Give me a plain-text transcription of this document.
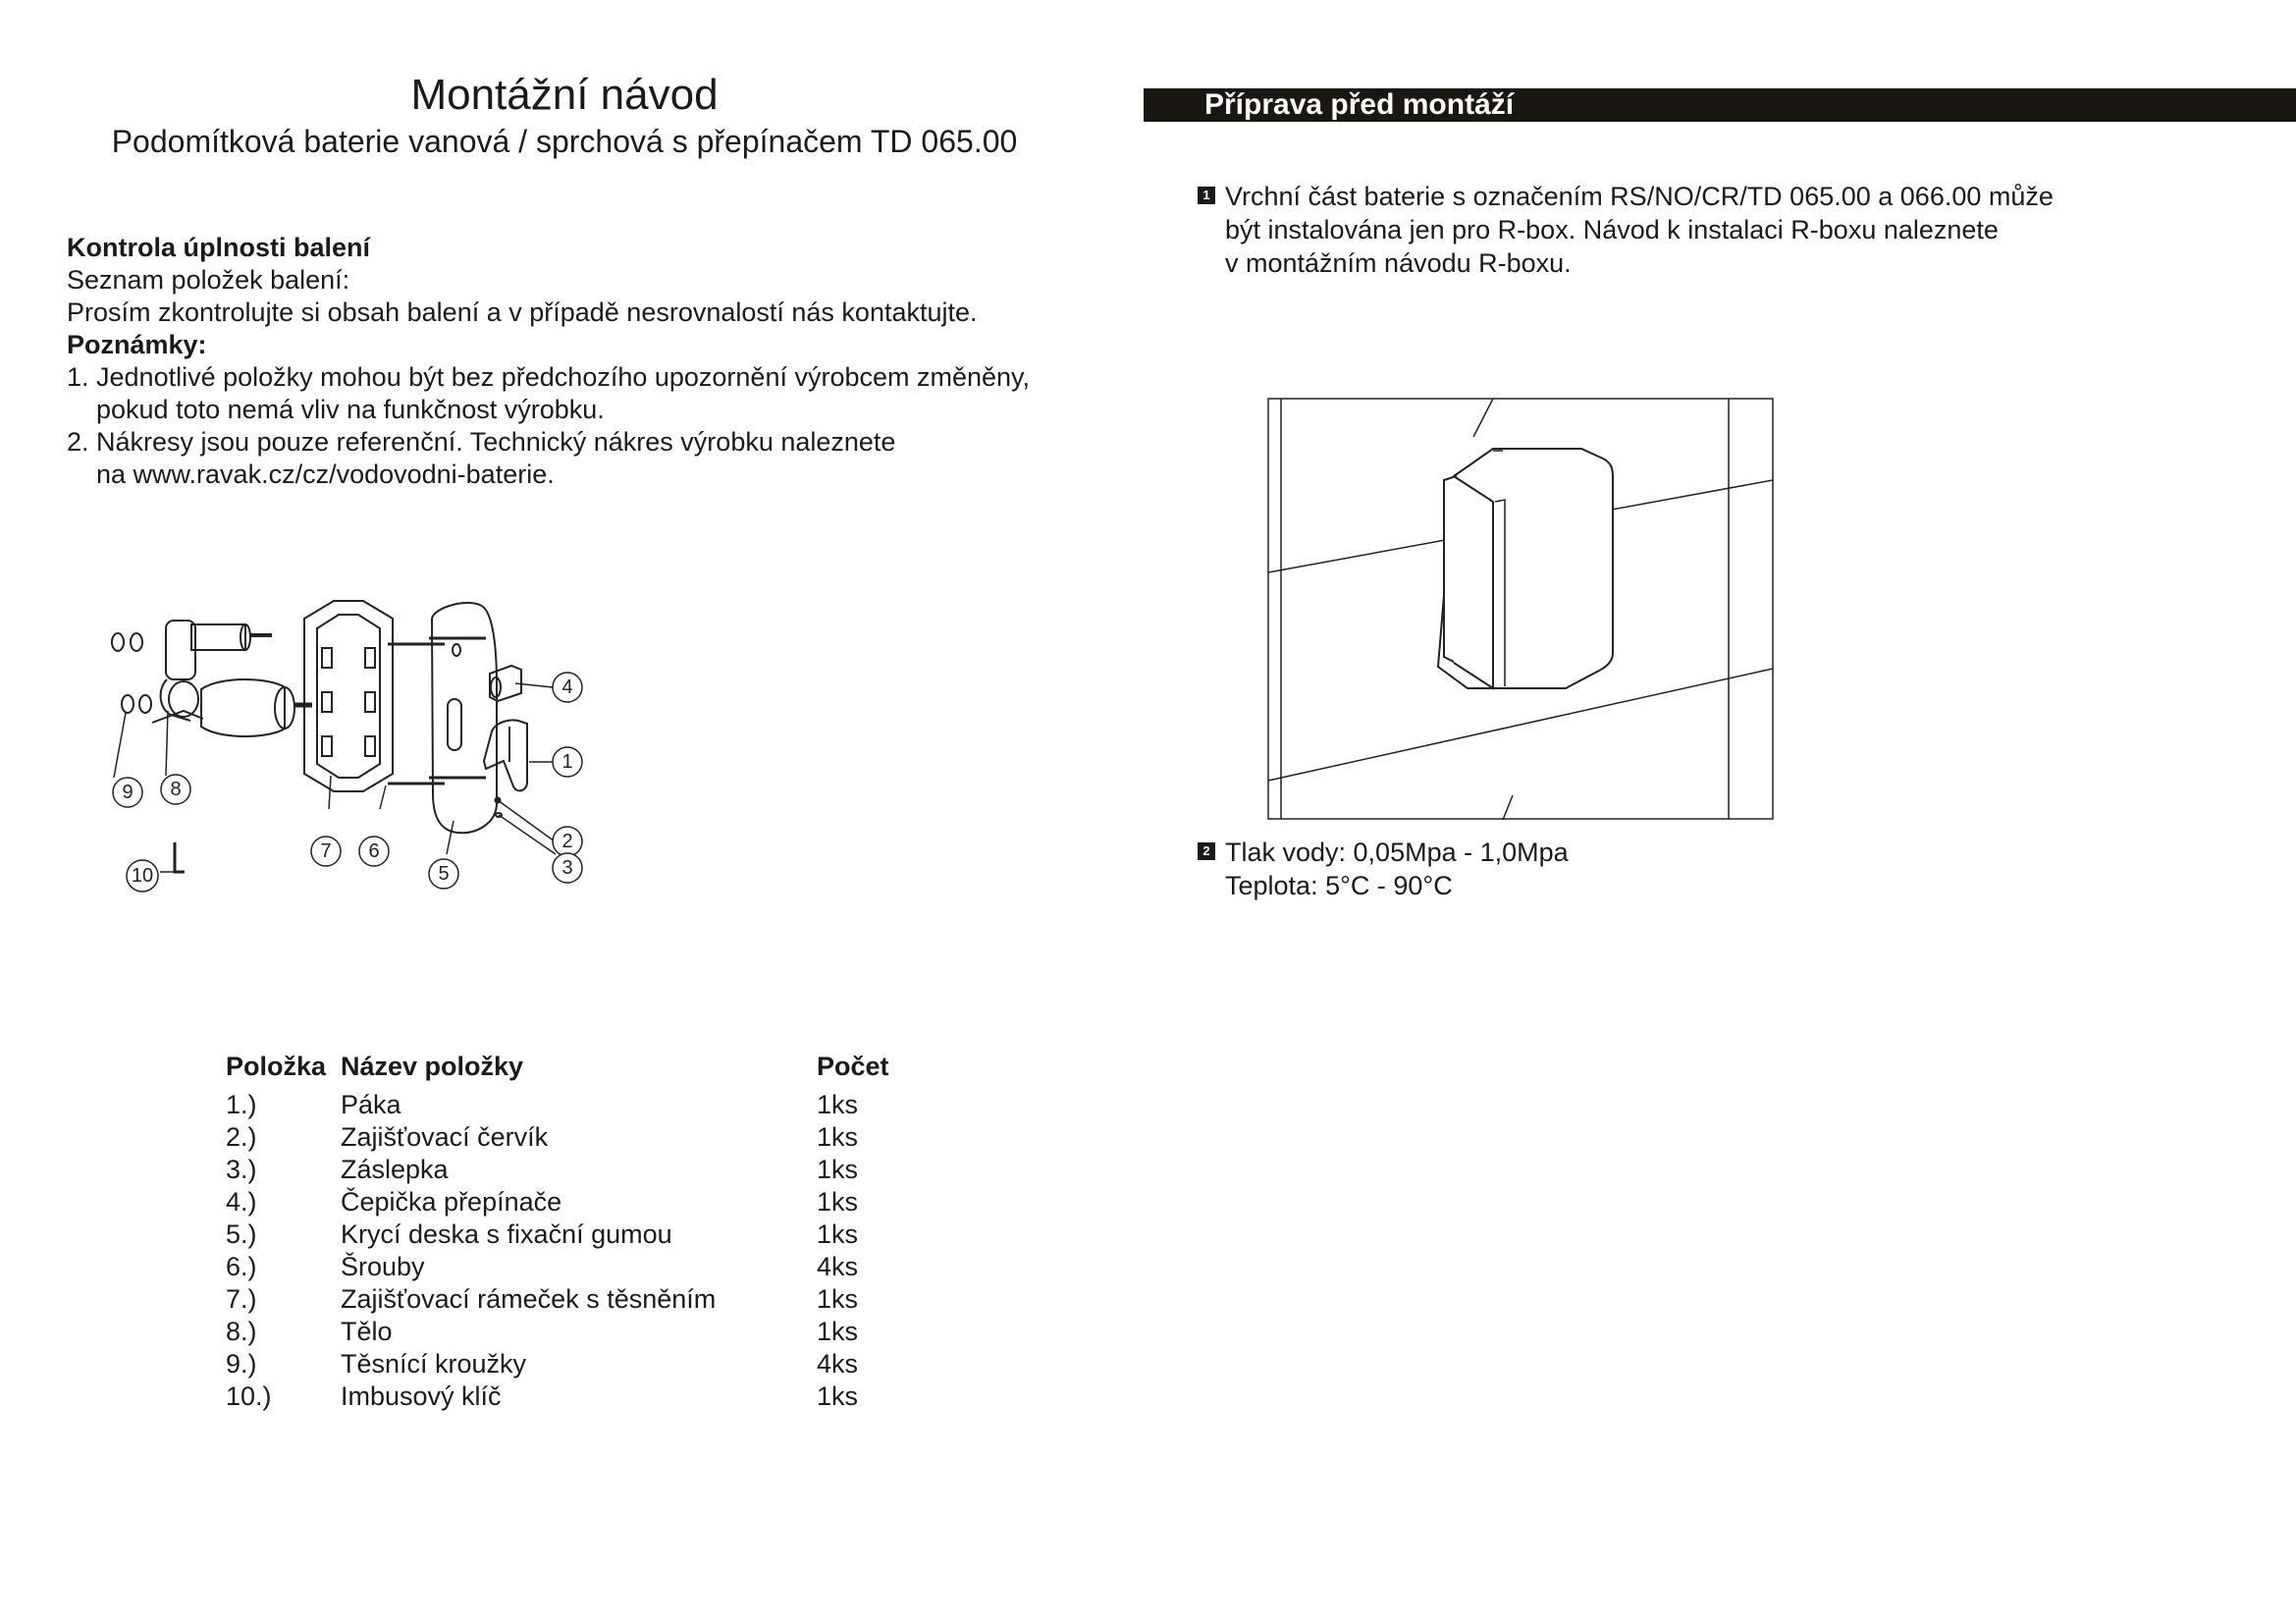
Montážní návod
Podomítková baterie vanová / sprchová s přepínačem TD 065.00
Kontrola úplnosti balení
Seznam položek balení:
Prosím zkontrolujte si obsah balení a v případě nesrovnalostí nás kontaktujte.
Poznámky:
1. Jednotlivé položky mohou být bez předchozího upozornění výrobcem změněny,
pokud toto nemá vliv na funkčnost výrobku.
2. Nákresy jsou pouze referenční. Technický nákres výrobku naleznete
na www.ravak.cz/cz/vodovodni-baterie.
4
1
2
3
5
6
7
8
9
10
Položka	Název položky	Počet
1.)	Páka	1ks
2.)	Zajišťovací červík	1ks
3.)	Záslepka	1ks
4.)	Čepička přepínače	1ks
5.)	Krycí deska s fixační gumou	1ks
6.)	Šrouby	4ks
7.)	Zajišťovací rámeček s těsněním	1ks
8.)	Tělo	1ks
9.)	Těsnící kroužky	4ks
10.)	Imbusový klíč	1ks
Příprava před montáží
1 Vrchní část baterie s označením RS/NO/CR/TD 065.00 a 066.00 může
být instalována jen pro R-box. Návod k instalaci R-boxu naleznete
v montážním návodu R-boxu.
2 Tlak vody: 0,05Mpa - 1,0Mpa
Teplota: 5°C - 90°C
